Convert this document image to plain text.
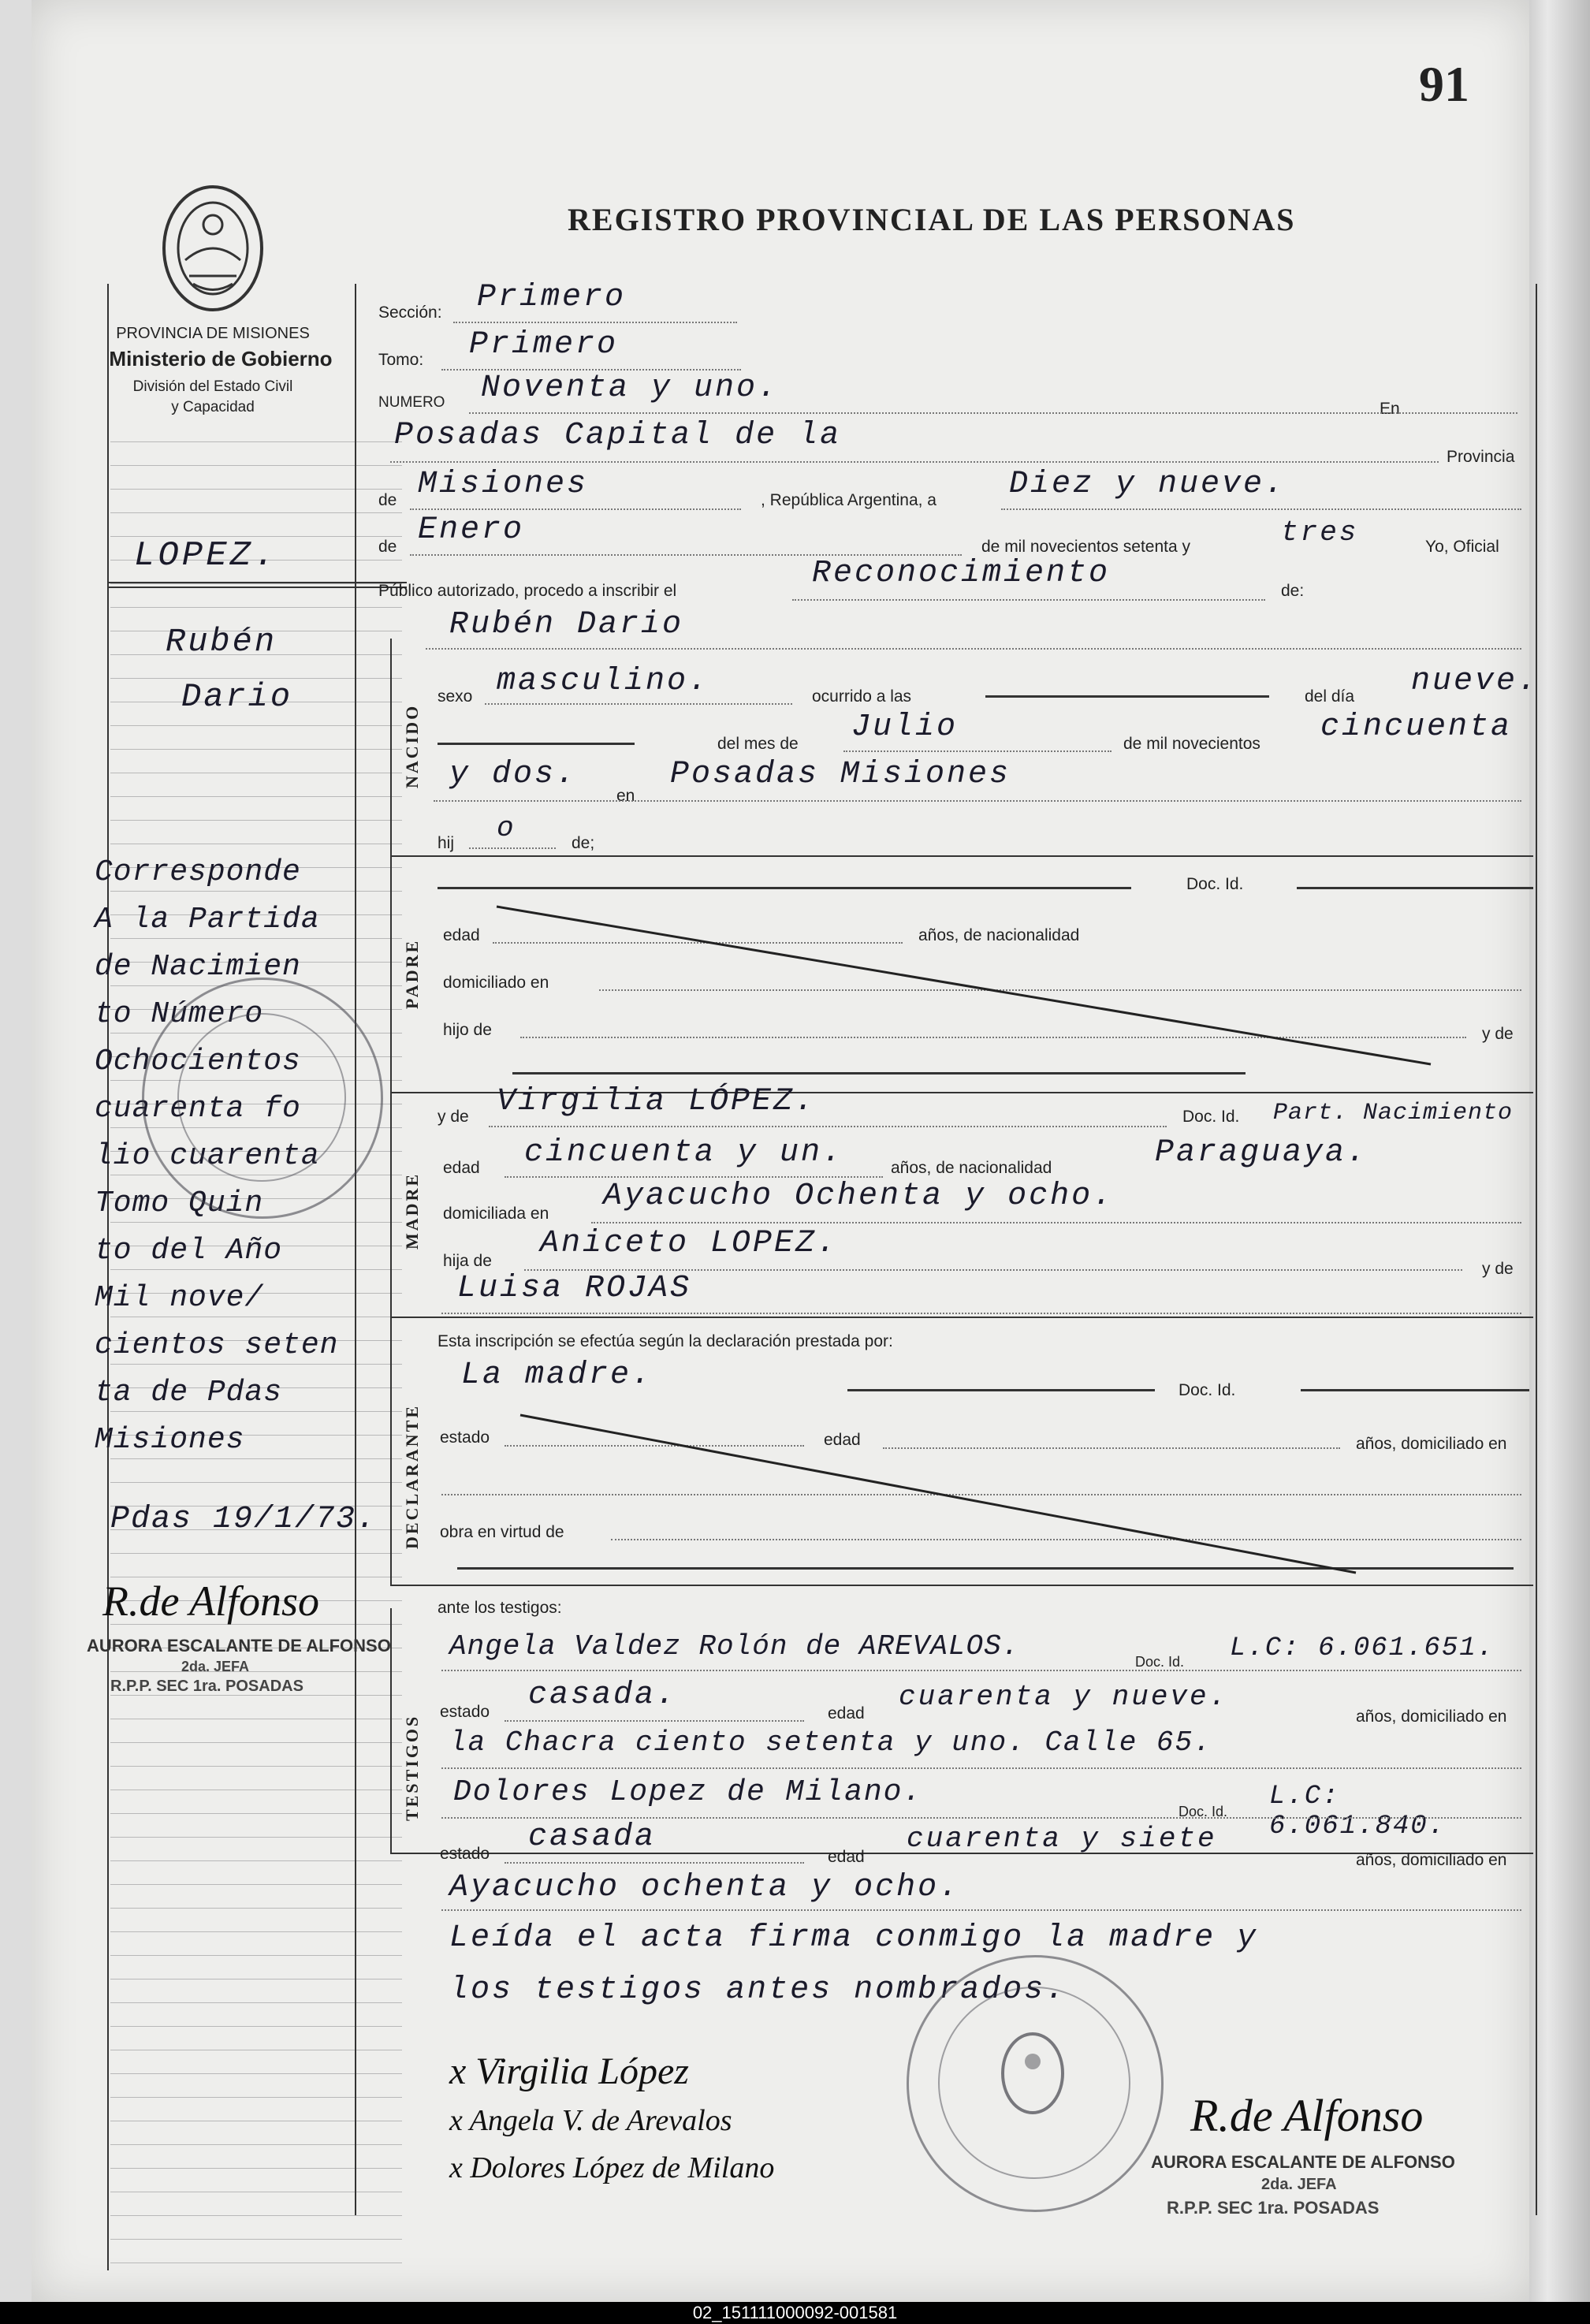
91
REGISTRO PROVINCIAL DE LAS PERSONAS
PROVINCIA DE MISIONES
Ministerio de Gobierno
División del Estado Civil
y Capacidad
NACIDO
PADRE
MADRE
DECLARANTE
TESTIGOS
Sección: Primero
Tomo: Primero
NUMERO Noventa y uno.
En
Posadas Capital de la
Provincia
de Misiones	, República Argentina, a Diez y nueve.
de Enero	de mil novecientos setenta y	tres	Yo, Oficial
Público autorizado, procedo a inscribir el	Reconocimiento	de:
Rubén Dario
sexo masculino.	ocurrido a las	del día nueve.
del mes de Julio	de mil novecientos cincuenta
y dos.
en
Posadas Misiones
hij o	de;
Doc. Id.
edad	años, de nacionalidad
domiciliado en
hijo de	y de
y de Virgilia LÓPEZ.	Doc. Id. Part. Nacimiento
edad cincuenta y un.	años, de nacionalidad	Paraguaya.
domiciliada en Ayacucho Ochenta y ocho.
hija de Aniceto LOPEZ.
y de
Luisa ROJAS
Esta inscripción se efectúa según la declaración prestada por:
La madre.	Doc. Id.
estado	edad	años, domiciliado en
obra en virtud de
ante los testigos:
Angela Valdez Rolón de AREVALOS.	Doc. Id. L.C: 6.061.651.
estado casada.
edad
cuarenta y nueve.
años, domiciliado en
la Chacra ciento setenta y uno. Calle 65.
Dolores Lopez de Milano.
Doc. Id. L.C: 6.061.840.
estado casada
edad
cuarenta y siete
años, domiciliado en
Ayacucho ochenta y ocho.
Leída el acta firma conmigo la madre y
los testigos antes nombrados.
x Virgilia López
x Angela V. de Arevalos
x Dolores López de Milano
R.de Alfonso
AURORA ESCALANTE DE ALFONSO
2da. JEFA
R.P.P. SEC 1ra. POSADAS
LOPEZ.
Rubén
Dario
Corresponde
A la Partida
de Nacimien
to Número
Ochocientos
cuarenta fo
lio cuarenta
Tomo Quin
to del Año
Mil nove/
cientos seten
ta de Pdas
Misiones
Pdas 19/1/73.
R.de Alfonso
AURORA ESCALANTE DE ALFONSO
2da. JEFA
R.P.P. SEC 1ra. POSADAS
02_151111000092-001581
